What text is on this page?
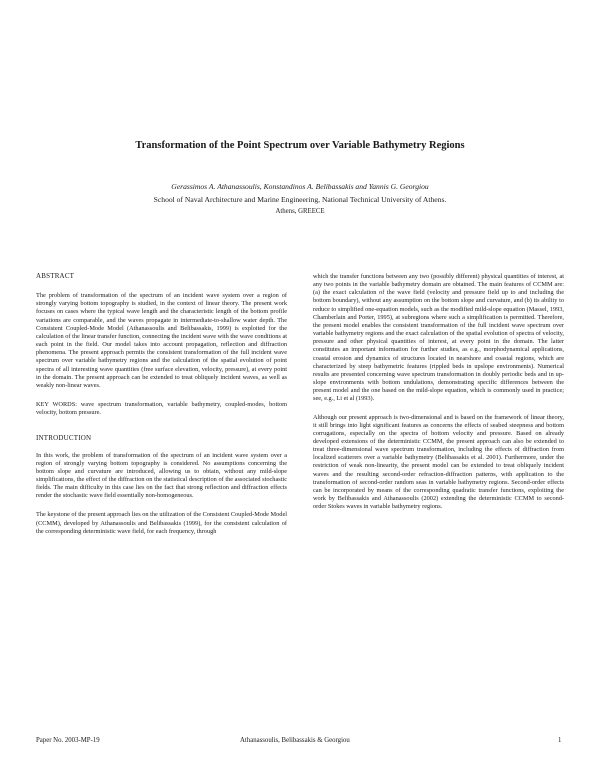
Transformation of the Point Spectrum over Variable Bathymetry Regions
Gerassimos A. Athanassoulis, Konstandinos A. Belibassakis and Yannis G. Georgiou
School of Naval Architecture and Marine Engineering, National Technical University of Athens.
Athens, GREECE

ABSTRACT

The problem of transformation of the spectrum of an incident wave system over a region of strongly varying bottom topography is studied, in the context of linear theory. The present work focuses on cases where the typical wave length and the characteristic length of the bottom profile variations are comparable, and the waves propagate in intermediate-to-shallow water depth. The Consistent Coupled-Mode Model (Athanassoulis and Belibassakis, 1999) is exploited for the calculation of the linear transfer function, connecting the incident wave with the wave conditions at each point in the field. Our model takes into account propagation, reflection and diffraction phenomena. The present approach permits the consistent transformation of the full incident wave spectrum over variable bathymetry regions and the calculation of the spatial evolution of point spectra of all interesting wave quantities (free surface elevation, velocity, pressure), at every point in the domain. The present approach can be extended to treat obliquely incident waves, as well as weakly non-linear waves.

KEY WORDS: wave spectrum transformation, variable bathymetry, coupled-modes, bottom velocity, bottom pressure.

INTRODUCTION

In this work, the problem of transformation of the spectrum of an incident wave system over a region of strongly varying bottom topography is considered. No assumptions concerning the bottom slope and curvature are introduced, allowing us to obtain, without any mild-slope simplifications, the effect of the diffraction on the statistical description of the associated stochastic fields. The main difficulty in this case lies on the fact that strong reflection and diffraction effects render the stochastic wave field essentially non-homogeneous.

The keystone of the present approach lies on the utilization of the Consistent Coupled-Mode Model (CCMM), developed by Athanassoulis and Belibassakis (1999), for the consistent calculation of the corresponding deterministic wave field, for each frequency, through

which the transfer functions between any two (possibly different) physical quantities of interest, at any two points in the variable bathymetry domain are obtained. The main features of CCMM are: (a) the exact calculation of the wave field (velocity and pressure field up to and including the bottom boundary), without any assumption on the bottom slope and curvature, and (b) its ability to reduce to simplified one-equation models, such as the modified mild-slope equation (Massel, 1993, Chamberlain and Porter, 1995), at subregions where such a simplification is permitted. Therefore, the present model enables the consistent transformation of the full incident wave spectrum over variable bathymetry regions and the exact calculation of the spatial evolution of spectra of velocity, pressure and other physical quantities of interest, at every point in the domain. The latter constitutes an important information for further studies, as e.g., morphodynamical applications, coastal erosion and dynamics of structures located in nearshore and coastal regions, which are characterized by steep bathymetric features (rippled beds in upslope environments). Numerical results are presented concerning wave spectrum transformation in doubly periodic beds and in up-slope environments with bottom undulations, demonstrating specific differences between the present model and the one based on the mild-slope equation, which is commonly used in practice; see, e.g., Li et al (1993).

Although our present approach is two-dimensional and is based on the framework of linear theory, it still brings into light significant features as concerns the effects of seabed steepness and bottom corrugations, especially on the spectra of bottom velocity and pressure. Based on already developed extensions of the deterministic CCMM, the present approach can also be extended to treat three-dimensional wave spectrum transformation, including the effects of diffraction from localized scatterers over a variable bathymetry (Belibassakis et al. 2001). Furthermore, under the restriction of weak non-linearity, the present model can be extended to treat obliquely incident waves and the resulting second-order refraction-diffraction patterns, with application to the transformation of second-order random seas in variable bathymetry regions. Second-order effects can be incorporated by means of the corresponding quadratic transfer functions, exploiting the work by Belibassakis and Athanassoulis (2002) extending the deterministic CCMM to second-order Stokes waves in variable bathymetry regions.

Paper No. 2003-MP-19	Athanassoulis, Belibassakis & Georgiou	1
